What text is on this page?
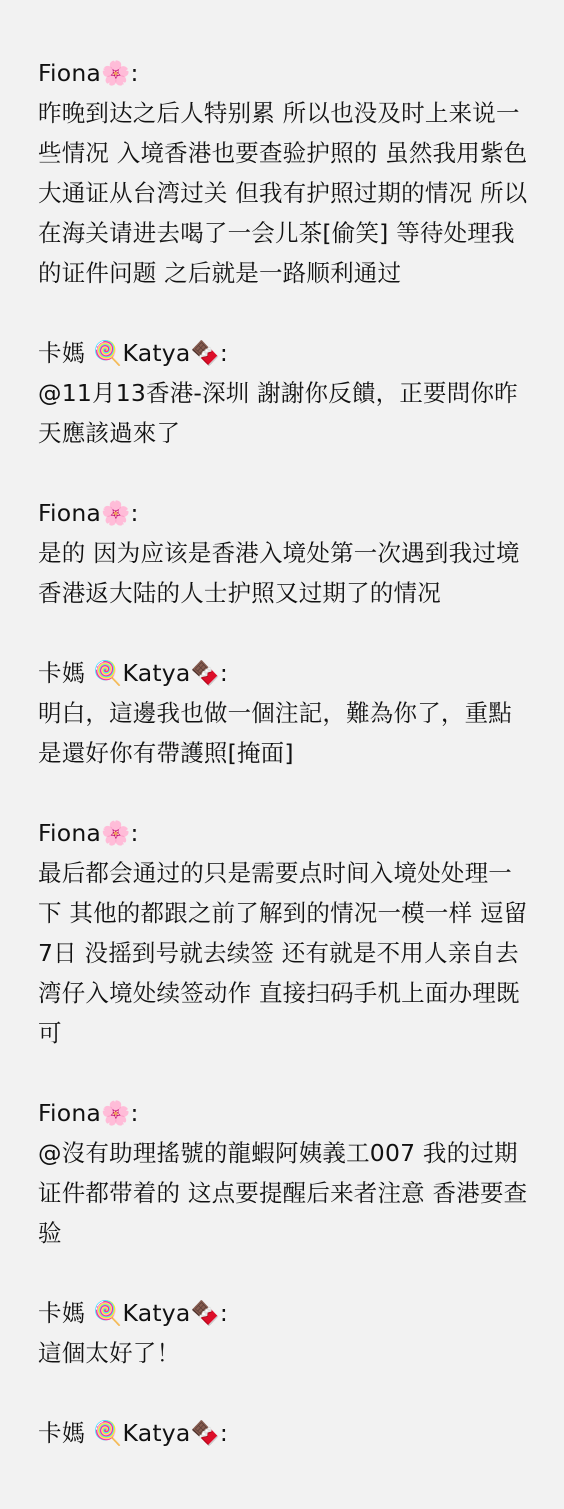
Fiona🌸:
昨晚到达之后人特别累 所以也没及时上来说一些情况 入境香港也要查验护照的 虽然我用紫色大通证从台湾过关 但我有护照过期的情况 所以在海关请进去喝了一会儿茶[偷笑] 等待处理我的证件问题 之后就是一路顺利通过
卡媽 🍭Katya🍫:
@11月13香港-深圳 謝謝你反饋，正要問你昨天應該過來了
Fiona🌸:
是的 因为应该是香港入境处第一次遇到我过境香港返大陆的人士护照又过期了的情况
卡媽 🍭Katya🍫:
明白，這邊我也做一個注記，難為你了，重點是還好你有帶護照[掩面]
Fiona🌸:
最后都会通过的只是需要点时间入境处处理一下 其他的都跟之前了解到的情况一模一样 逗留7日 没摇到号就去续签 还有就是不用人亲自去湾仔入境处续签动作 直接扫码手机上面办理既可
Fiona🌸:
@沒有助理搖號的龍蝦阿姨義工007 我的过期证件都带着的 这点要提醒后来者注意 香港要查验
卡媽 🍭Katya🍫:
這個太好了！
卡媽 🍭Katya🍫:
